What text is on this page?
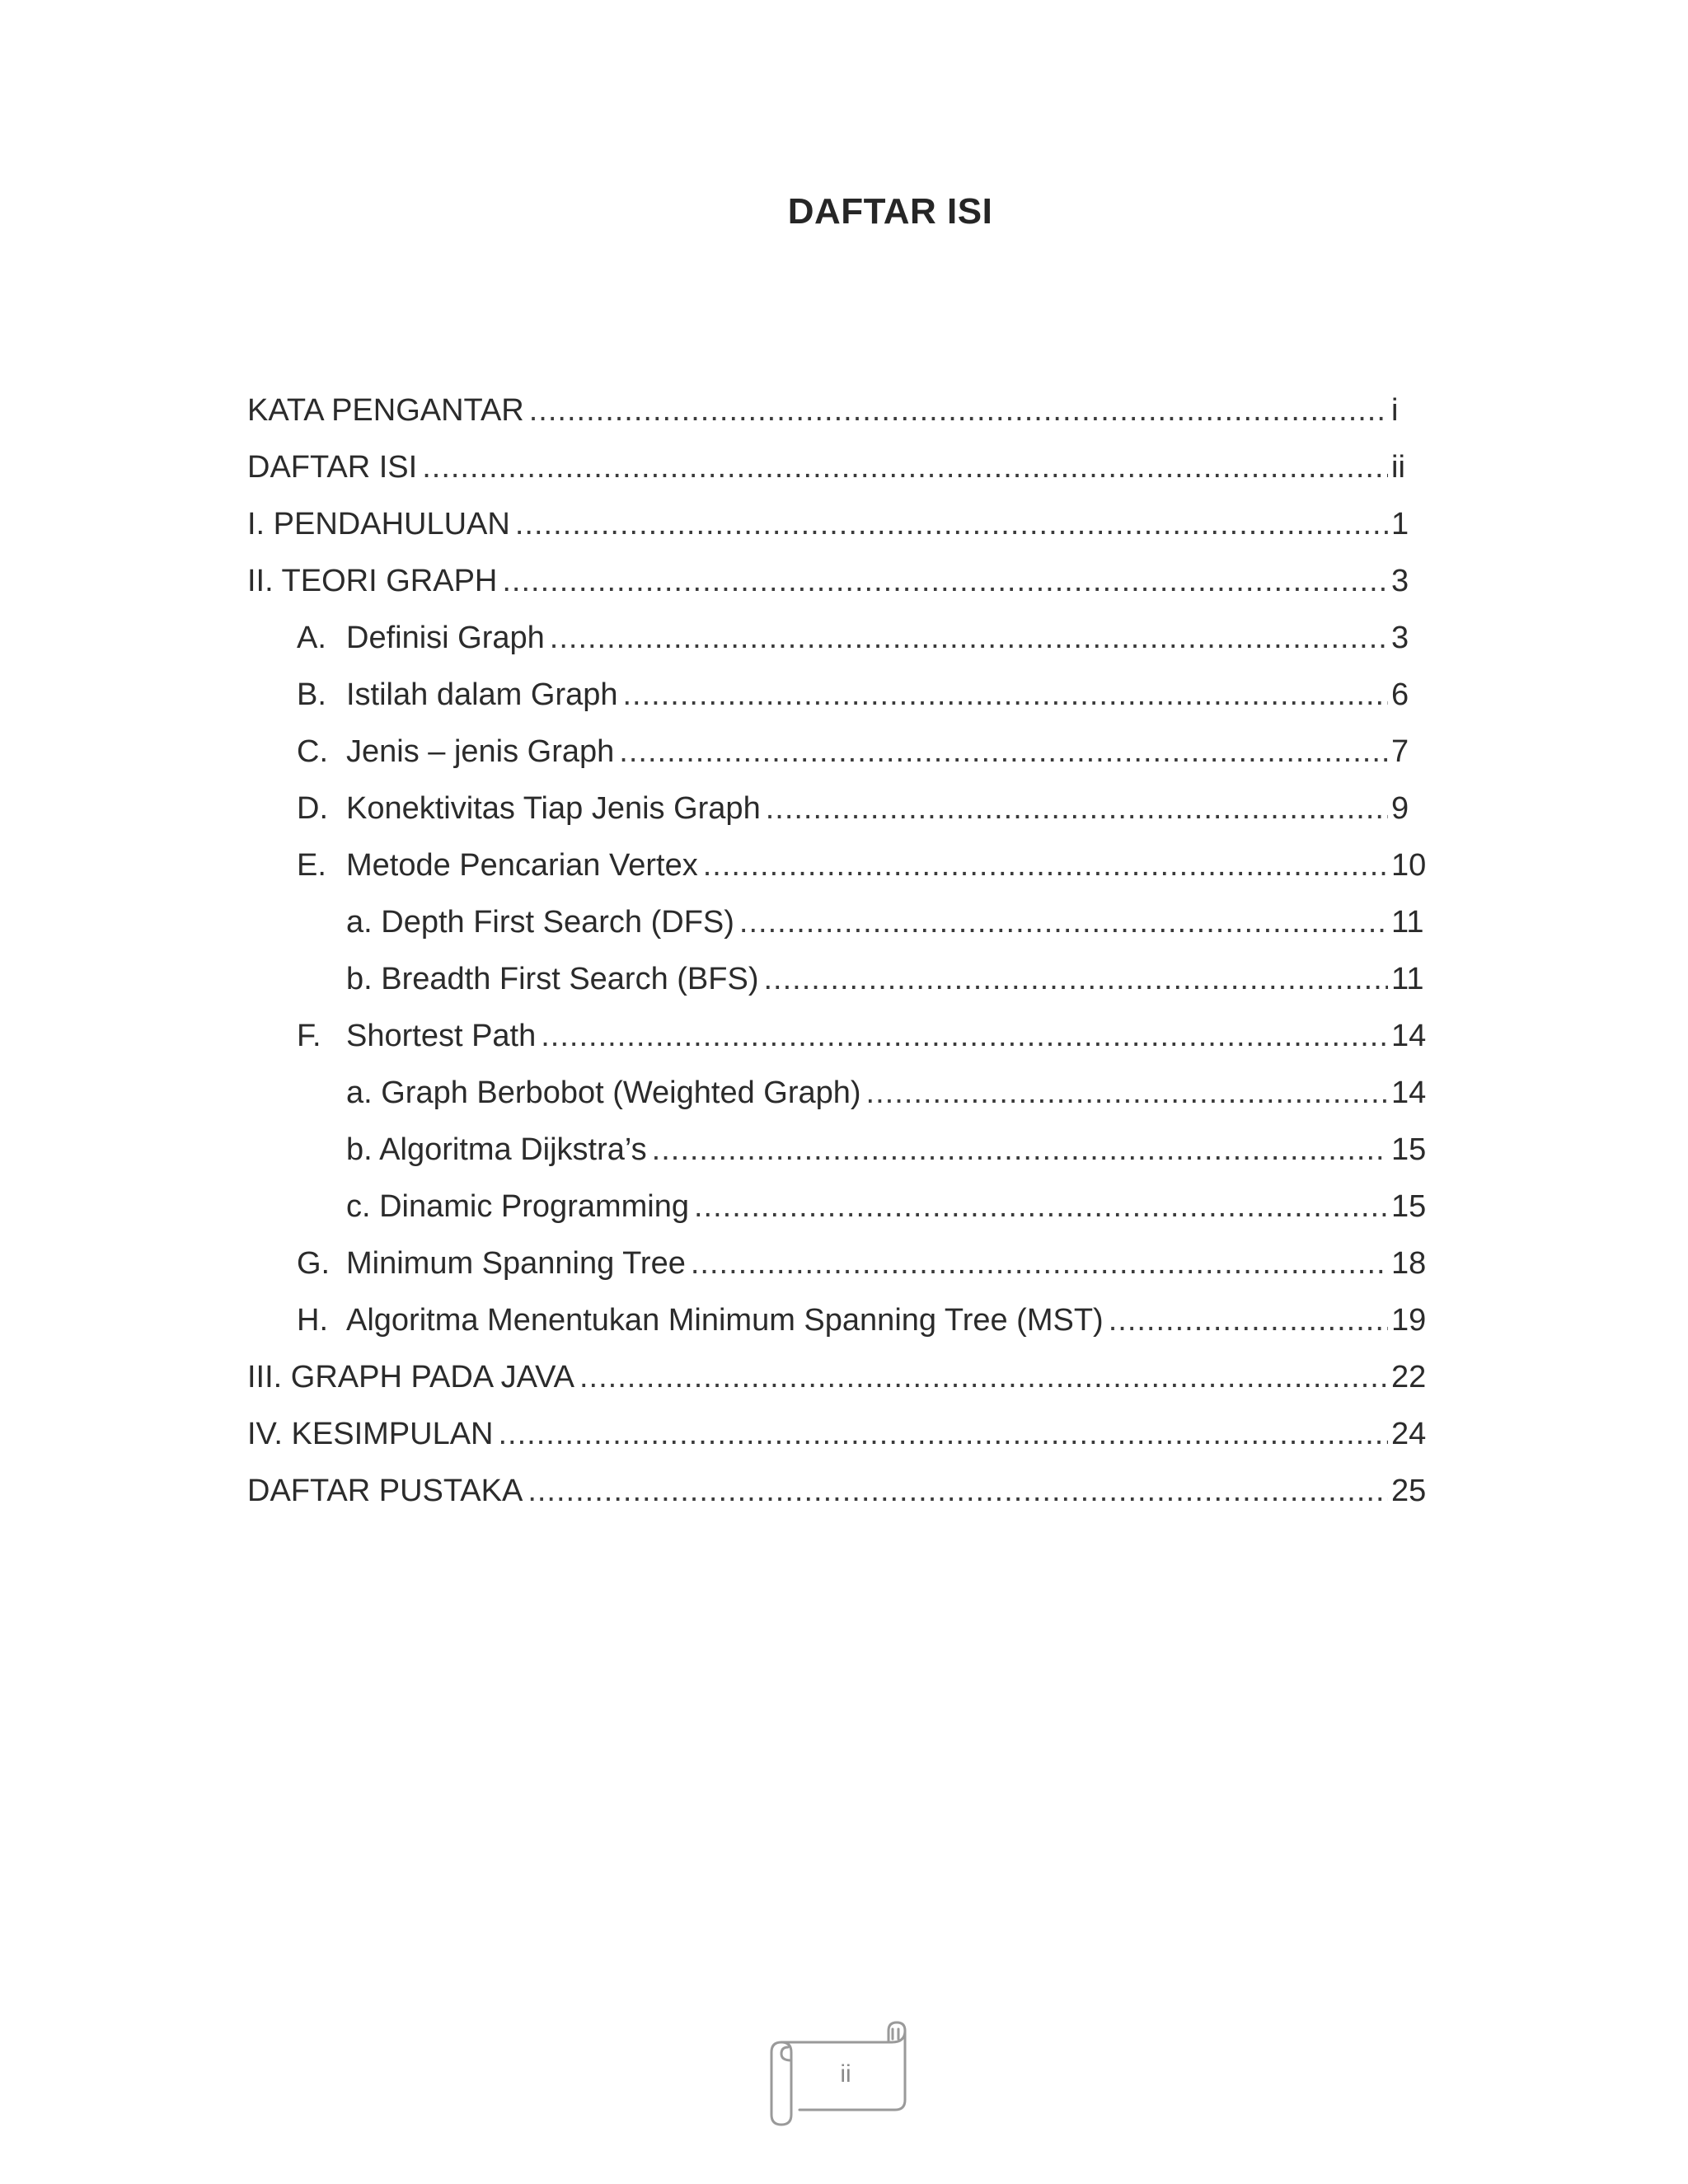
DAFTAR ISI
KATA PENGANTAR .....	i
DAFTAR ISI .....	ii
I. PENDAHULUAN .....	1
II. TEORI GRAPH .....	3
A. Definisi Graph .....	3
B. Istilah dalam Graph .....	6
C. Jenis – jenis Graph .....	7
D. Konektivitas Tiap Jenis Graph .....	9
E. Metode Pencarian Vertex .....	10
a. Depth First Search (DFS) .....	11
b. Breadth First Search (BFS) .....	11
F. Shortest Path .....	14
a. Graph Berbobot (Weighted Graph) .....	14
b. Algoritma Dijkstra’s .....	15
c. Dinamic Programming .....	15
G. Minimum Spanning Tree .....	18
H. Algoritma Menentukan Minimum Spanning Tree (MST) .....	19
III. GRAPH PADA JAVA .....	22
IV. KESIMPULAN .....	24
DAFTAR PUSTAKA .....	25
ii
